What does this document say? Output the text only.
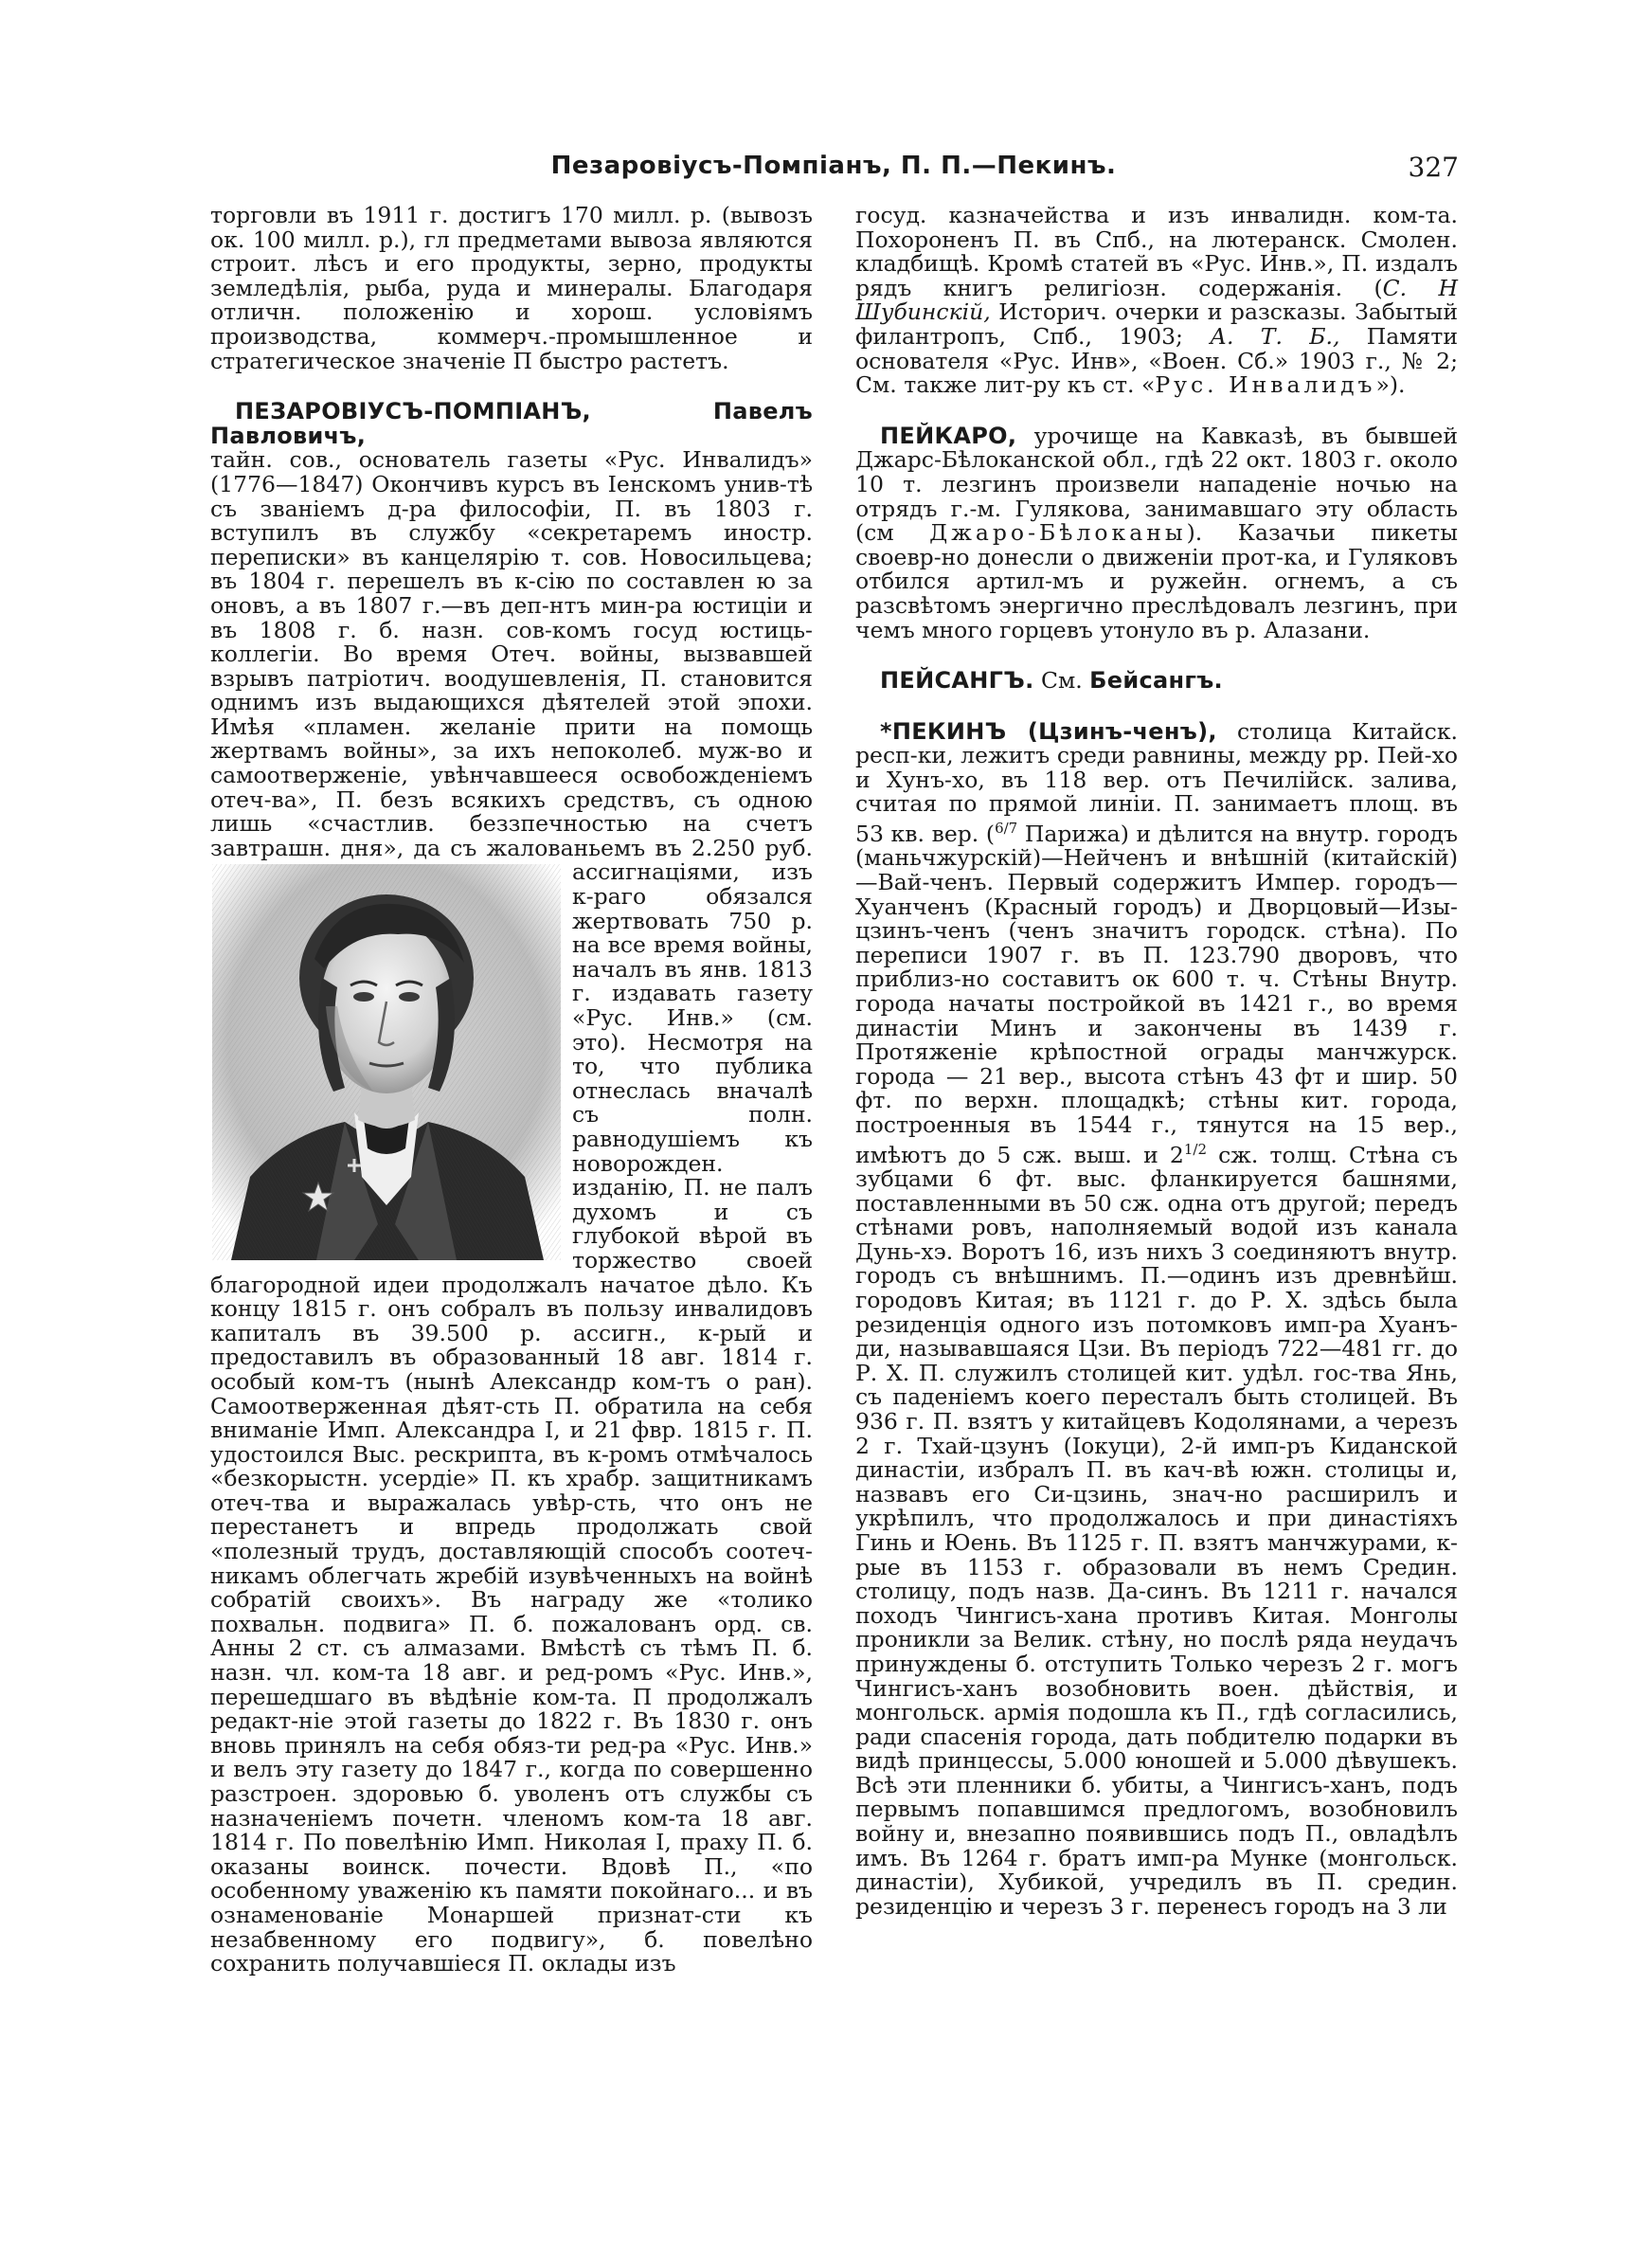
Пезаровіусъ-Помпіанъ, П. П.—Пекинъ.	327

торговли въ 1911 г. достигъ 170 милл. р. (вывозъ ок. 100 милл. р.), гл предметами вывоза являются строит. лѣсъ и его продукты, зерно, продукты земледѣлія, рыба, руда и минералы. Благодаря отличн. положенію и хорош. условіямъ производства, коммерч.-промышленное и стратегическое значеніе П быстро растетъ.

ПЕЗАРОВІУСЪ-ПОМПІАНЪ, Павелъ Павловичъ,
тайн. сов., основатель газеты «Рус. Инвалидъ» (1776—1847) Окончивъ курсъ въ Іенскомъ унив-тѣ съ званіемъ д-ра философіи, П. въ 1803 г. вступилъ въ службу «секретаремъ иностр. переписки» въ канцелярію т. сов. Новосильцева; въ 1804 г. перешелъ въ к-сію по составлен ю за оновъ, а въ 1807 г.—въ деп-нтъ мин-ра юстиціи и въ 1808 г. б. назн. сов-комъ госуд юстиць-коллегіи. Во время Отеч. войны, вызвавшей взрывъ патріотич. воодушевленія, П. становится однимъ изъ выдающихся дѣятелей этой эпохи. Имѣя «пламен. желаніе прити на помощь жертвамъ войны», за ихъ непоколеб. муж-во и самоотверженіе, увѣнчавшееся освобожденіемъ отеч-ва», П. безъ всякихъ средствъ, съ одною лишь «счастлив. беззпечностью на счетъ завтрашн. дня», да съ жалованьемъ въ 2.250 руб. ассигнаціями,
изъ к-раго обязался жертвовать 750 р. на все время войны, началъ въ янв. 1813 г. издавать газету «Рус. Инв.» (см. это). Несмотря на то, что публика отнеслась вначалѣ съ полн. равнодушіемъ къ новорожден. изданію, П. не палъ духомъ и съ глубокой вѣрой въ торжество своей благородной идеи продолжалъ начатое дѣло. Къ концу 1815 г. онъ собралъ въ пользу инвалидовъ капиталъ въ 39.500 р. ассигн., к-рый и предоставилъ въ образованный 18 авг. 1814 г. особый ком-тъ (нынѣ Александр ком-тъ о ран). Самоотверженная дѣят-сть П. обратила на себя вниманіе Имп. Александра I, и 21 фвр. 1815 г. П. удостоился Выс. рескрипта, въ к-ромъ отмѣчалось «безкорыстн. усердіе» П. къ храбр. защитникамъ отеч-тва и выражалась увѣр-сть, что онъ не перестанетъ и впредь продолжать свой «полезный трудъ, доставляющій способъ соотеч-никамъ облегчать жребій изувѣченныхъ на войнѣ собратій своихъ». Въ награду же «толико похвальн. подвига» П. б. пожалованъ орд. св. Анны 2 ст. съ алмазами. Вмѣстѣ съ тѣмъ П. б. назн. чл. ком-та 18 авг. и ред-ромъ «Рус. Инв.», перешедшаго въ вѣдѣніе ком-та. П продолжалъ редакт-ніе этой газеты до 1822 г. Въ 1830 г. онъ вновь принялъ на себя обяз-ти ред-ра «Рус. Инв.» и велъ эту газету до 1847 г., когда по совершенно разстроен. здоровью б. уволенъ отъ службы съ назначеніемъ почетн. членомъ ком-та 18 авг. 1814 г. По повелѣнію Имп. Николая I, праху П. б. оказаны воинск. почести. Вдовѣ П., «по особенному уваженію къ памяти покойнаго... и въ ознаменованіе Монаршей признат-сти къ незабвенному его подвигу», б. повелѣно сохранить получавшіеся П. оклады изъ

госуд. казначейства и изъ инвалидн. ком-та. Похороненъ П. въ Спб., на лютеранск. Смолен. кладбищѣ. Кромѣ статей въ «Рус. Инв.», П. издалъ рядъ книгъ религіозн. содержанія. (С. Н Шубинскій, Историч. очерки и разсказы. Забытый филантропъ, Спб., 1903; А. Т. Б., Памяти основателя «Рус. Инв», «Воен. Сб.» 1903 г., № 2; См. также лит-ру къ ст. «Рус. Инвалидъ»).

ПЕЙКАРО, урочище на Кавказѣ, въ бывшей Джарс-Бѣлоканской обл., гдѣ 22 окт. 1803 г. около 10 т. лезгинъ произвели нападеніе ночью на отрядъ г.-м. Гулякова, занимавшаго эту область (см Джаро-Бѣлоканы). Казачьи пикеты своевр-но донесли о движеніи прот-ка, и Гуляковъ отбился артил-мъ и ружейн. огнемъ, а съ разсвѣтомъ энергично преслѣдовалъ лезгинъ, при чемъ много горцевъ утонуло въ р. Алазани.

ПЕЙСАНГЪ. См. Бейсангъ.

*ПЕКИНЪ (Цзинъ-ченъ), столица Китайск. респ-ки, лежитъ среди равнины, между рр. Пей-хо и Хунъ-хо, въ 118 вер. отъ Печилійск. залива, считая по прямой линіи. П. занимаетъ площ. въ 53 кв. вер. ($^{6/7}$ Парижа) и дѣлится на внутр. городъ (маньчжурскій)—Нейченъ и внѣшній (китайскій)—Вай-ченъ. Первый содержитъ Импер. городъ—Хуанченъ (Красный городъ) и Дворцовый—Изы-цзинъ-ченъ (ченъ значитъ городск. стѣна). По переписи 1907 г. въ П. 123.790 дворовъ, что приблиз-но составитъ ок 600 т. ч. Стѣны Внутр. города начаты постройкой въ 1421 г., во время династіи Минъ и закончены въ 1439 г. Протяженіе крѣпостной ограды манчжурск. города — 21 вер., высота стѣнъ 43 фт и шир. 50 фт. по верхн. площадкѣ; стѣны кит. города, построенныя въ 1544 г., тянутся на 15 вер., имѣютъ до 5 сж. выш. и $2^{1/2}$ сж. толщ. Стѣна съ зубцами 6 фт. выс. фланкируется башнями, поставленными въ 50 сж. одна отъ другой; передъ стѣнами ровъ, наполняемый водой изъ канала Дунь-хэ. Воротъ 16, изъ нихъ 3 соединяютъ внутр. городъ съ внѣшнимъ. П.—одинъ изъ древнѣйш. городовъ Китая; въ 1121 г. до Р. Х. здѣсь была резиденція одного изъ потомковъ имп-ра Хуанъ-ди, называвшаяся Цзи. Въ періодъ 722—481 гг. до Р. Х. П. служилъ столицей кит. удѣл. гос-тва Янь, съ паденіемъ коего пересталъ быть столицей. Въ 936 г. П. взятъ у китайцевъ Кодолянами, а черезъ 2 г. Тхай-цзунъ (Іокуци), 2-й имп-ръ Киданской династіи, избралъ П. въ кач-вѣ южн. столицы и, назвавъ его Си-цзинь, знач-но расширилъ и укрѣпилъ, что продолжалось и при династіяхъ Гинь и Юень. Въ 1125 г. П. взятъ манчжурами, к-рые въ 1153 г. образовали въ немъ Средин. столицу, подъ назв. Да-синъ. Въ 1211 г. начался походъ Чингисъ-хана противъ Китая. Монголы проникли за Велик. стѣну, но послѣ ряда неудачъ принуждены б. отступить Только черезъ 2 г. могъ Чингисъ-ханъ возобновить воен. дѣйствія, и монгольск. армія подошла къ П., гдѣ согласились, ради спасенія города, дать побдителю подарки въ видѣ принцессы, 5.000 юношей и 5.000 дѣвушекъ. Всѣ эти пленники б. убиты, а Чингисъ-ханъ, подъ первымъ попавшимся предлогомъ, возобновилъ войну и, внезапно появившись подъ П., овладѣлъ имъ. Въ 1264 г. братъ имп-ра Мунке (монгольск. династіи), Хубикой, учредилъ въ П. средин. резиденцію и черезъ 3 г. перенесъ городъ на 3 ли
